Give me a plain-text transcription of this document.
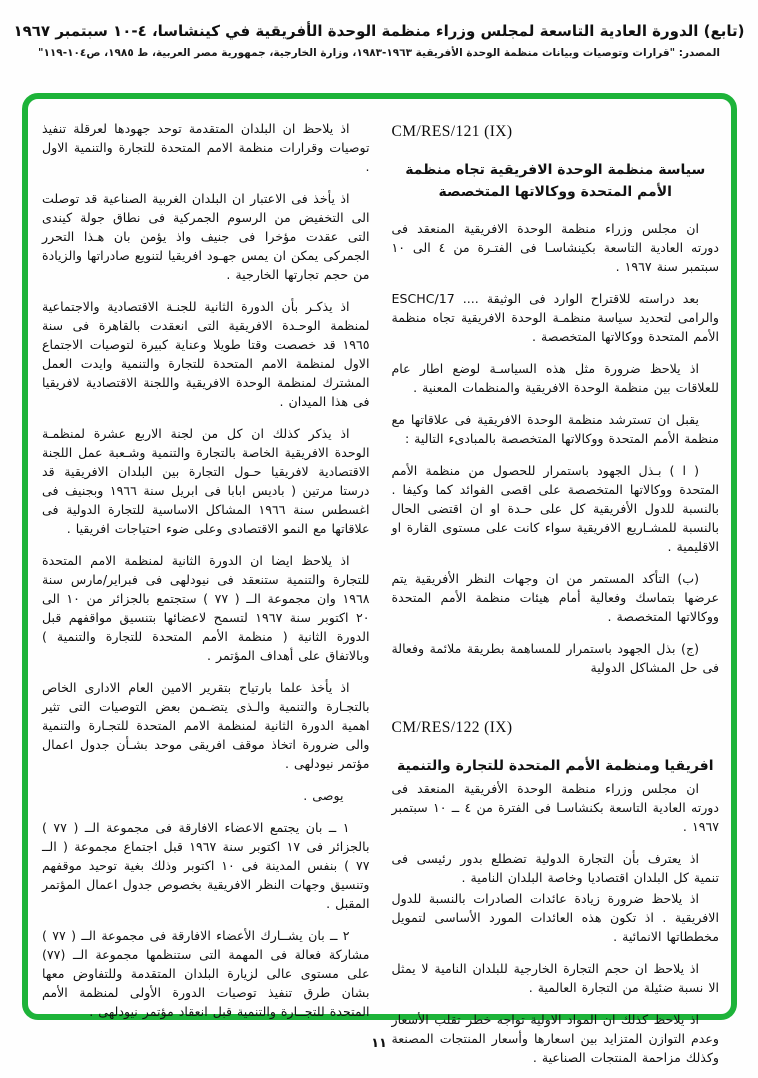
(تابع) الدورة العادية التاسعة لمجلس وزراء منظمة الوحدة الأفريقية في كينشاسا، ٤-١٠ سبتمبر ١٩٦٧
المصدر: "قرارات وتوصيات وبيانات منظمة الوحدة الأفريقية ١٩٦٣-١٩٨٣، وزارة الخارجية، جمهورية مصر العربية، ط ١٩٨٥، ص١٠٤-١١٩"
CM/RES/121 (IX)
سياسة منظمة الوحدة الافريقية تجاه منظمة الأمم المتحدة ووكالاتها المتخصصة

ان مجلس وزراء منظمة الوحدة الافريقية المنعقد فى دورته العادية التاسعة بكينشاسـا فى الفتـرة من ٤ الى ١٠ سبتمبر سنة ١٩٦٧ .

بعد دراسته للاقتراح الوارد فى الوثيقة .... ESCHC/17 والرامى لتحديد سياسة منظمـة الوحدة الافريقية تجاه منظمة الأمم المتحدة ووكالاتها المتخصصة .

اذ يلاحظ ضرورة مثل هذه السياسـة لوضع اطار عام للعلاقات بين منظمة الوحدة الافريقية والمنظمات المعنية .

يقبل ان تسترشد منظمة الوحدة الافريقية فى علاقاتها مع منظمة الأمم المتحدة ووكالاتها المتخصصة بالمبادىء التالية :

( ا ) بـذل الجهود باستمرار للحصول من منظمة الأمم المتحدة ووكالاتها المتخصصة على اقصى الفوائد كما وكيفا . بالنسبة للدول الأفريقية كل على حـدة او ان اقتضى الحال بالنسبة للمشـاريع الافريقية سواء كانت على مستوى القارة او الاقليمية .

(ب) التأكد المستمر من ان وجهات النظر الأفريقية يتم عرضها بتماسك وفعالية أمام هيئات منظمة الأمم المتحدة ووكالاتها المتخصصة .

(ج) بذل الجهود باستمرار للمساهمة بطريقة ملائمة وفعالة فى حل المشاكل الدولية

CM/RES/122 (IX)
افريقيا ومنظمة الأمم المتحدة للتجارة والتنمية

ان مجلس وزراء منظمة الوحدة الأفريقية المنعقد فى دورته العادية التاسعة بكنشاسـا فى الفترة من ٤ ــ ١٠ سبتمبر ١٩٦٧ .

اذ يعترف بأن التجارة الدولية تضطلع بدور رئيسى فى تنمية كل البلدان اقتصاديا وخاصة البلدان النامية .

اذ يلاحظ ضرورة زيادة عائدات الصادرات بالنسبة للدول الافريقية . اذ تكون هذه العائدات المورد الأساسى لتمويل مخططاتها الانمائية .

اذ يلاحظ ان حجم التجارة الخارجية للبلدان النامية لا يمثل الا نسبة ضئيلة من التجارة العالمية .

اذ يلاحظ كذلك ان المواد الاولية تواجه خطر تقلب الأسعار وعدم التوازن المتزايد بين اسعارها وأسعار المنتجات المصنعة وكذلك مزاحمة المنتجات الصناعية .

اذ يلاحظ ان البلدان المتقدمة توحد جهودها لعرقلة تنفيذ توصيات وقرارات منظمة الامم المتحدة للتجارة والتنمية الاول .

اذ يأخذ فى الاعتبار ان البلدان الغربية الصناعية قد توصلت الى التخفيض من الرسوم الجمركية فى نطاق جولة كيندى التى عقدت مؤخرا فى جنيف واذ يؤمن بان هـذا التحرر الجمركى يمكن ان يمس جهـود افريقيا لتنويع صادراتها والزيادة من حجم تجارتها الخارجية .

اذ يذكـر بأن الدورة الثانية للجنـة الاقتصادية والاجتماعية لمنظمة الوحـدة الافريقية التى انعقدت بالقاهرة فى سنة ١٩٦٥ قد خصصت وقتا طويلا وعناية كبيرة لتوصيات الاجتماع الاول لمنظمة الامم المتحدة للتجارة والتنمية وايدت العمل المشترك لمنظمة الوحدة الافريقية واللجنة الاقتصادية لافريقيا فى هذا الميدان .

اذ يذكر كذلك ان كل من لجنة الاربع عشرة لمنظمـة الوحدة الافريقية الخاصة بالتجارة والتنمية وشـعبة عمل اللجنة الاقتصادية لافريقيا حـول التجارة بين البلدان الافريقية قد درستا مرتين ( باديس ابابا فى ابريل سنة ١٩٦٦ وبجنيف فى اغسطس سنة ١٩٦٦ المشاكل الاساسية للتجارة الدولية فى علاقاتها مع النمو الاقتصادى وعلى ضوء احتياجات افريقيا .

اذ يلاحظ ايضا ان الدورة الثانية لمنظمة الامم المتحدة للتجارة والتنمية ستنعقد فى نيودلهى فى فبراير/مارس سنة ١٩٦٨ وان مجموعة الــ ( ٧٧ ) ستجتمع بالجزائر من ١٠ الى ٢٠ اكتوبر سنة ١٩٦٧ لتسمح لاعضائها بتنسيق مواقفهم قبل الدورة الثانية ( منظمة الأمم المتحدة للتجارة والتنمية ) وبالاتفاق على أهداف المؤتمر .

اذ يأخذ علما بارتياح بتقرير الامين العام الادارى الخاص بالتجـارة والتنمية والـذى يتضـمن بعض التوصيات التى تثير اهمية الدورة الثانية لمنظمة الامم المتحدة للتجـارة والتنمية والى ضرورة اتخاذ موقف افريقى موحد بشـأن جدول اعمال مؤتمر نيودلهى .

يوصى .

١ ــ بان يجتمع الاعضاء الافارقة فى مجموعة الــ ( ٧٧ ) بالجزائر فى ١٧ اكتوبر سنة ١٩٦٧ قبل اجتماع مجموعة ( الــ ٧٧ ) بنفس المدينة فى ١٠ اكتوبر وذلك بغية توحيد موقفهم وتنسيق وجهات النظر الافريقية بخصوص جدول اعمال المؤتمر المقبل .

٢ ــ بان يشــارك الأعضاء الافارقة فى مجموعة الــ ( ٧٧ ) مشاركة فعالة فى المهمة التى ستنظمها مجموعة الــ (٧٧) على مستوى عالى لزيارة البلدان المتقدمة وللتفاوض معها بشان طرق تنفيذ توصيات الدورة الأولى لمنظمة الأمم المتحدة للتجــارة والتنمية قبل انعقاد مؤتمر نيودلهى .

١١
